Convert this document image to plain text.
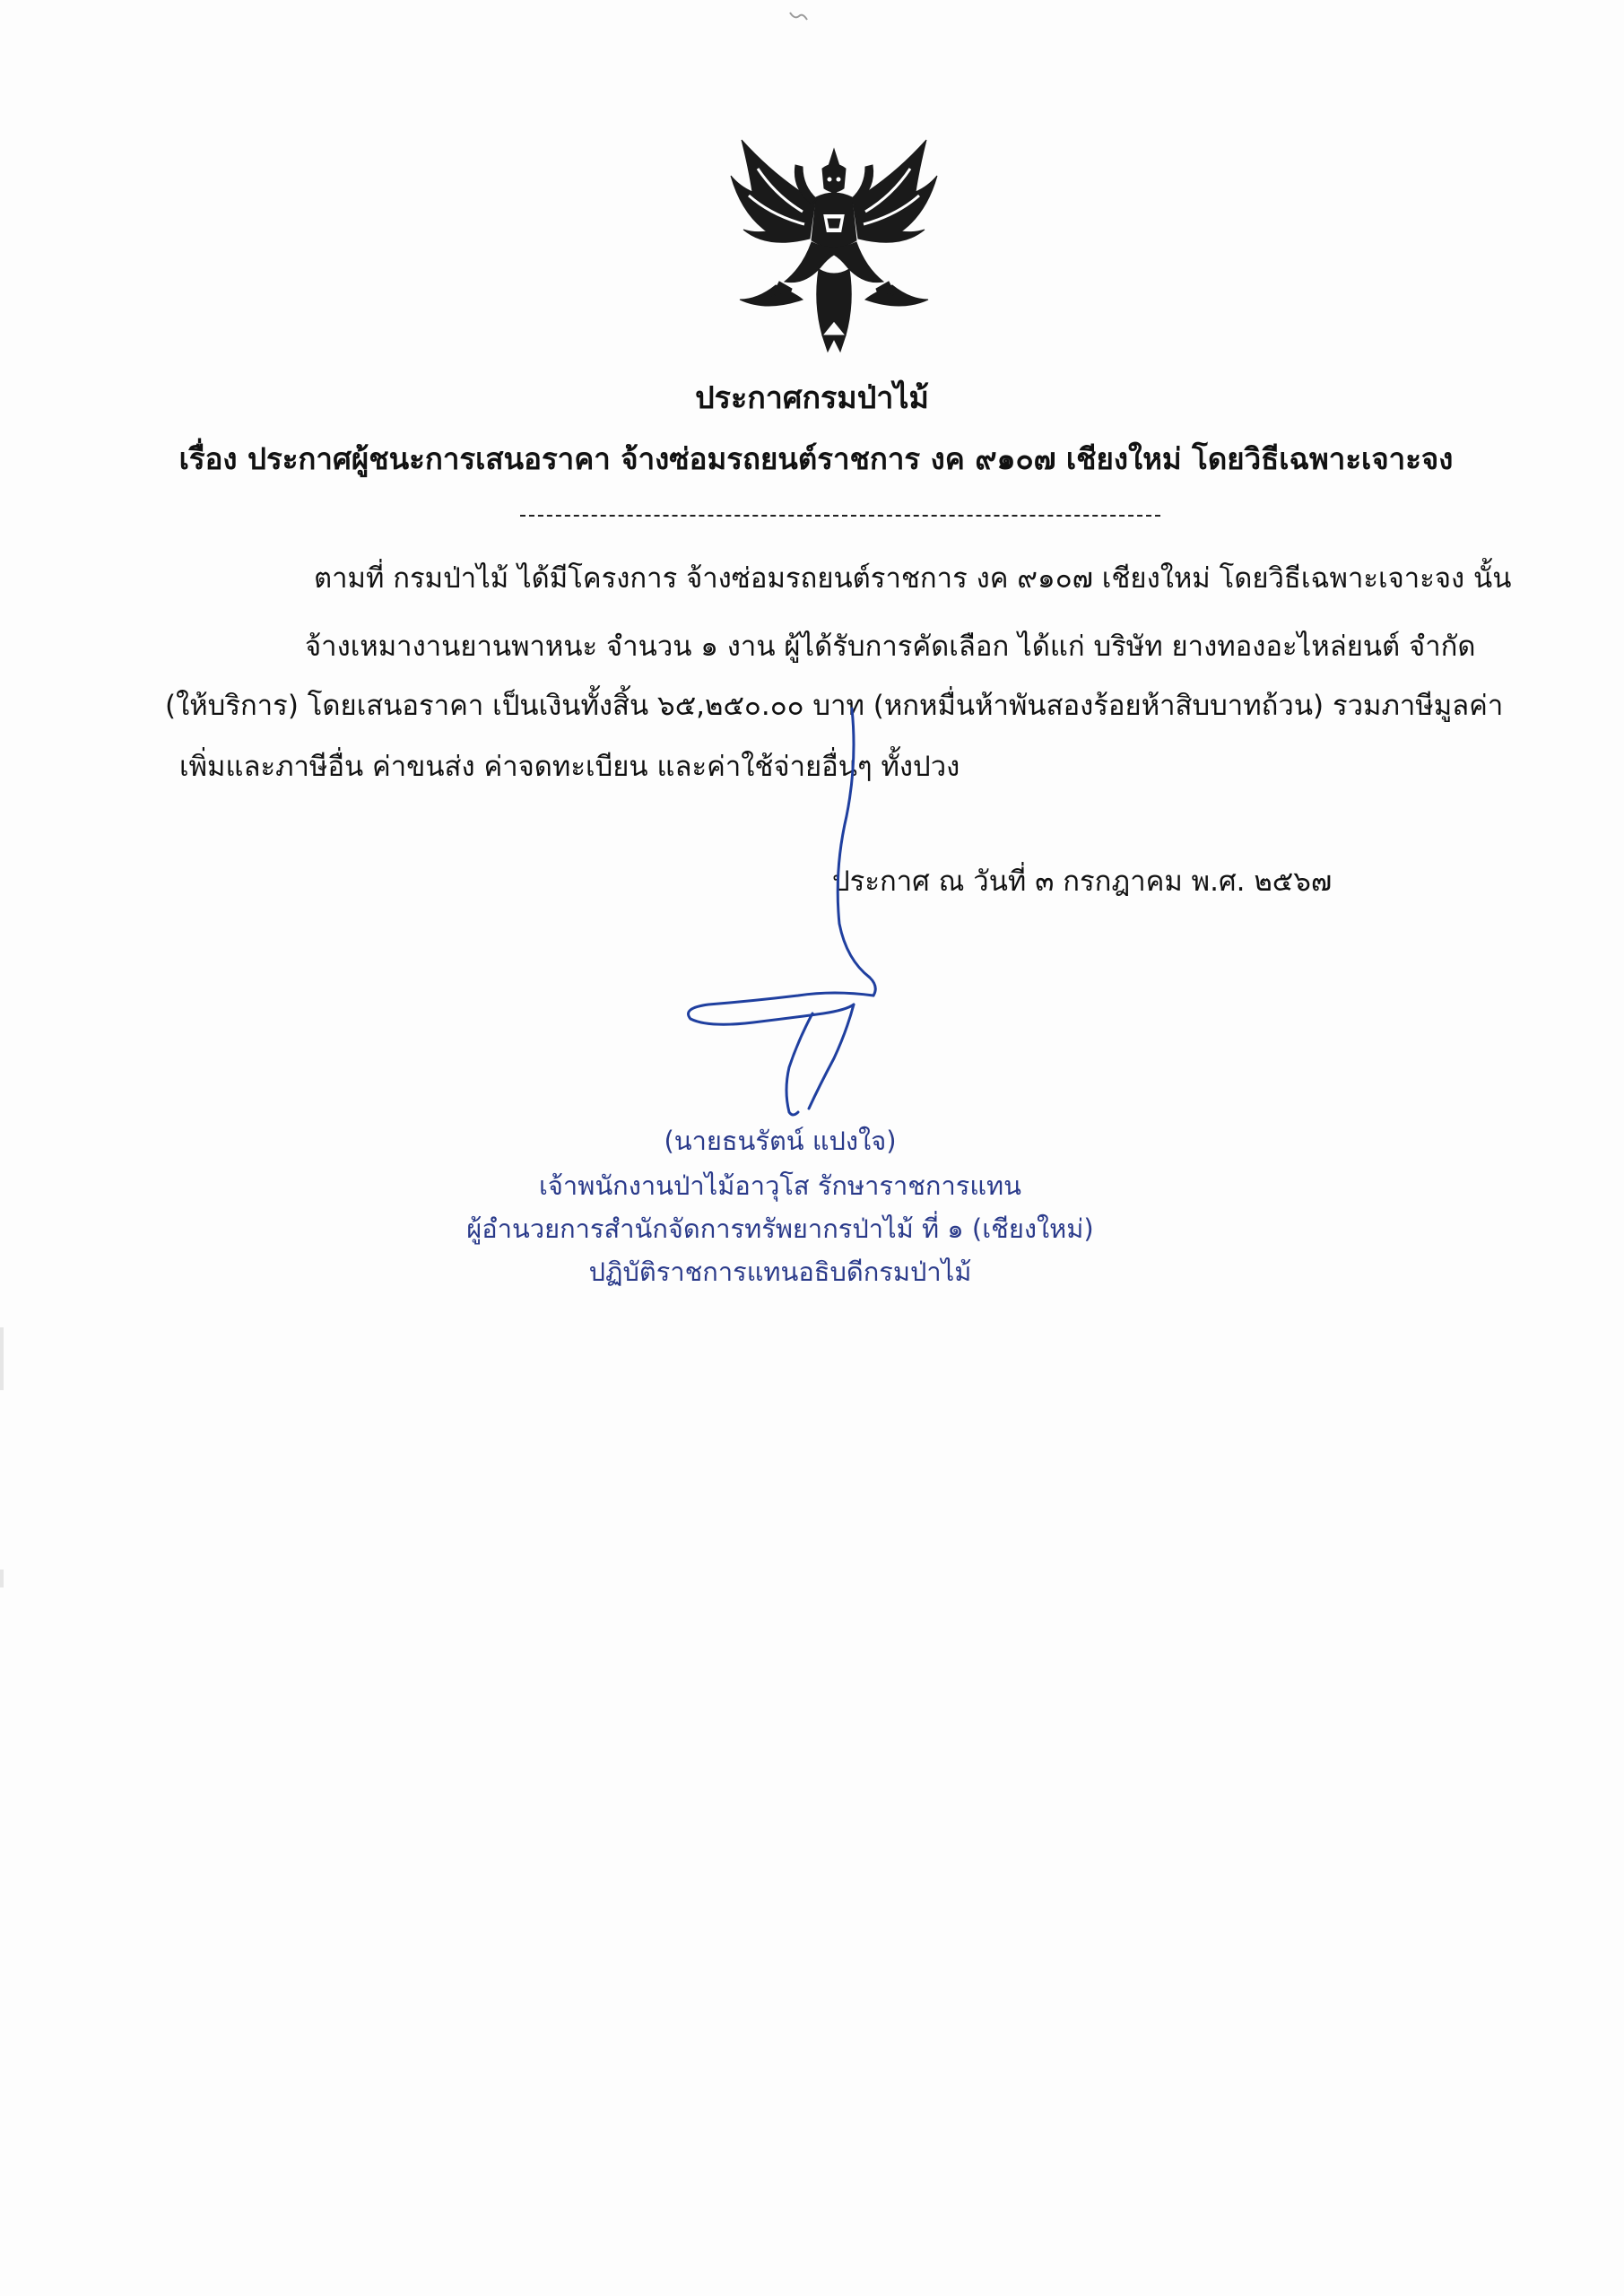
ประกาศกรมป่าไม้
เรื่อง ประกาศผู้ชนะการเสนอราคา จ้างซ่อมรถยนต์ราชการ งค ๙๑๐๗ เชียงใหม่ โดยวิธีเฉพาะเจาะจง
ตามที่ กรมป่าไม้ ได้มีโครงการ จ้างซ่อมรถยนต์ราชการ งค ๙๑๐๗ เชียงใหม่ โดยวิธีเฉพาะเจาะจง นั้น
จ้างเหมางานยานพาหนะ จำนวน ๑ งาน ผู้ได้รับการคัดเลือก ได้แก่ บริษัท ยางทองอะไหล่ยนต์ จำกัด
(ให้บริการ) โดยเสนอราคา เป็นเงินทั้งสิ้น ๖๕,๒๕๐.๐๐ บาท (หกหมื่นห้าพันสองร้อยห้าสิบบาทถ้วน) รวมภาษีมูลค่า
เพิ่มและภาษีอื่น ค่าขนส่ง ค่าจดทะเบียน และค่าใช้จ่ายอื่นๆ ทั้งปวง
ประกาศ ณ วันที่ ๓ กรกฎาคม พ.ศ. ๒๕๖๗
(นายธนรัตน์ แปงใจ)
เจ้าพนักงานป่าไม้อาวุโส รักษาราชการแทน
ผู้อำนวยการสำนักจัดการทรัพยากรป่าไม้ ที่ ๑ (เชียงใหม่)
ปฏิบัติราชการแทนอธิบดีกรมป่าไม้
